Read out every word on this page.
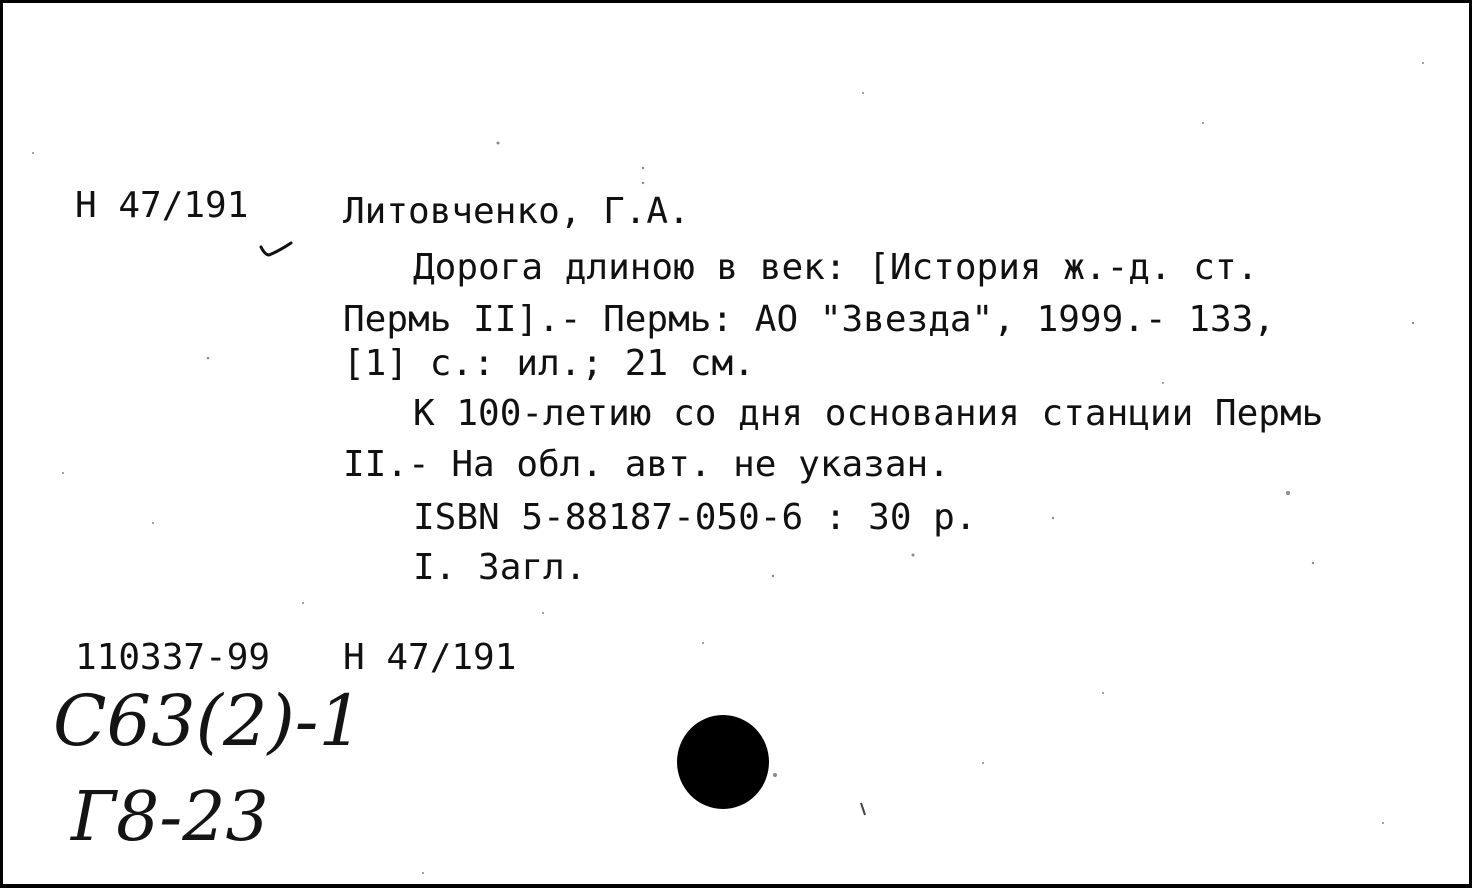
Н 47/191	Литовченко, Г.А.
Дорога длиною в век: [История ж.-д. ст.
Пермь II].- Пермь: АО "Звезда", 1999.- 133,
[1] с.: ил.; 21 см.
К 100-летию со дня основания станции Пермь
II.- На обл. авт. не указан.
ISBN 5-88187-050-6 : 30 р.
I. Загл.
110337-99 Н 47/191
С63(2)-1
Г8-23
